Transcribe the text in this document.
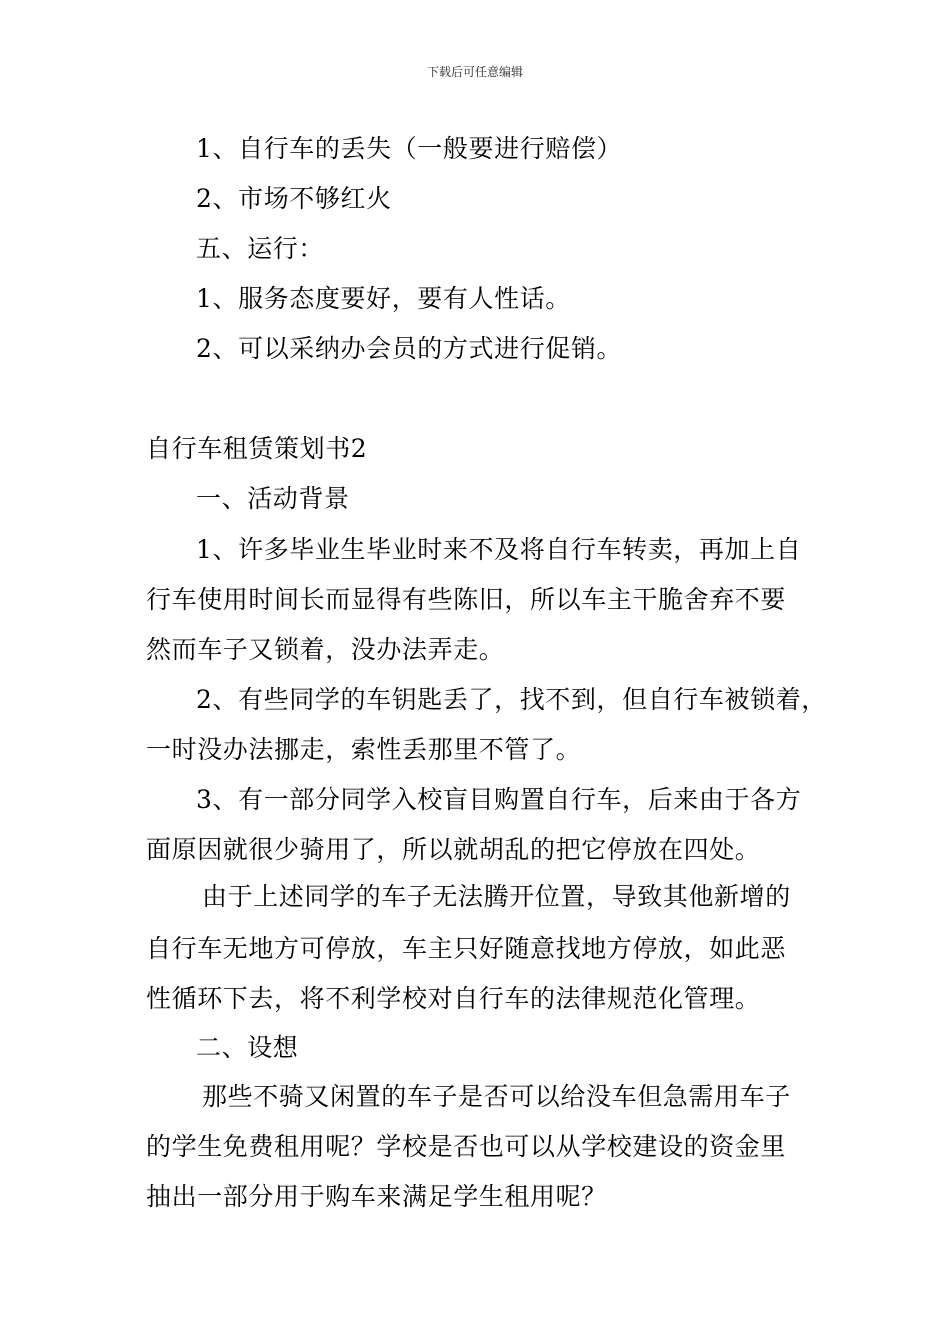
下载后可任意编辑
1、自行车的丢失（一般要进行赔偿）
2、市场不够红火
五、运行：
1、服务态度要好，要有人性话。
2、可以采纳办会员的方式进行促销。
自行车租赁策划书2
一、活动背景
1、许多毕业生毕业时来不及将自行车转卖，再加上自
行车使用时间长而显得有些陈旧，所以车主干脆舍弃不要
然而车子又锁着，没办法弄走。
2、有些同学的车钥匙丢了，找不到，但自行车被锁着，
一时没办法挪走，索性丢那里不管了。
3、有一部分同学入校盲目购置自行车，后来由于各方
面原因就很少骑用了，所以就胡乱的把它停放在四处。
由于上述同学的车子无法腾开位置，导致其他新增的
自行车无地方可停放，车主只好随意找地方停放，如此恶
性循环下去，将不利学校对自行车的法律规范化管理。
二、设想
那些不骑又闲置的车子是否可以给没车但急需用车子
的学生免费租用呢？学校是否也可以从学校建设的资金里
抽出一部分用于购车来满足学生租用呢？
